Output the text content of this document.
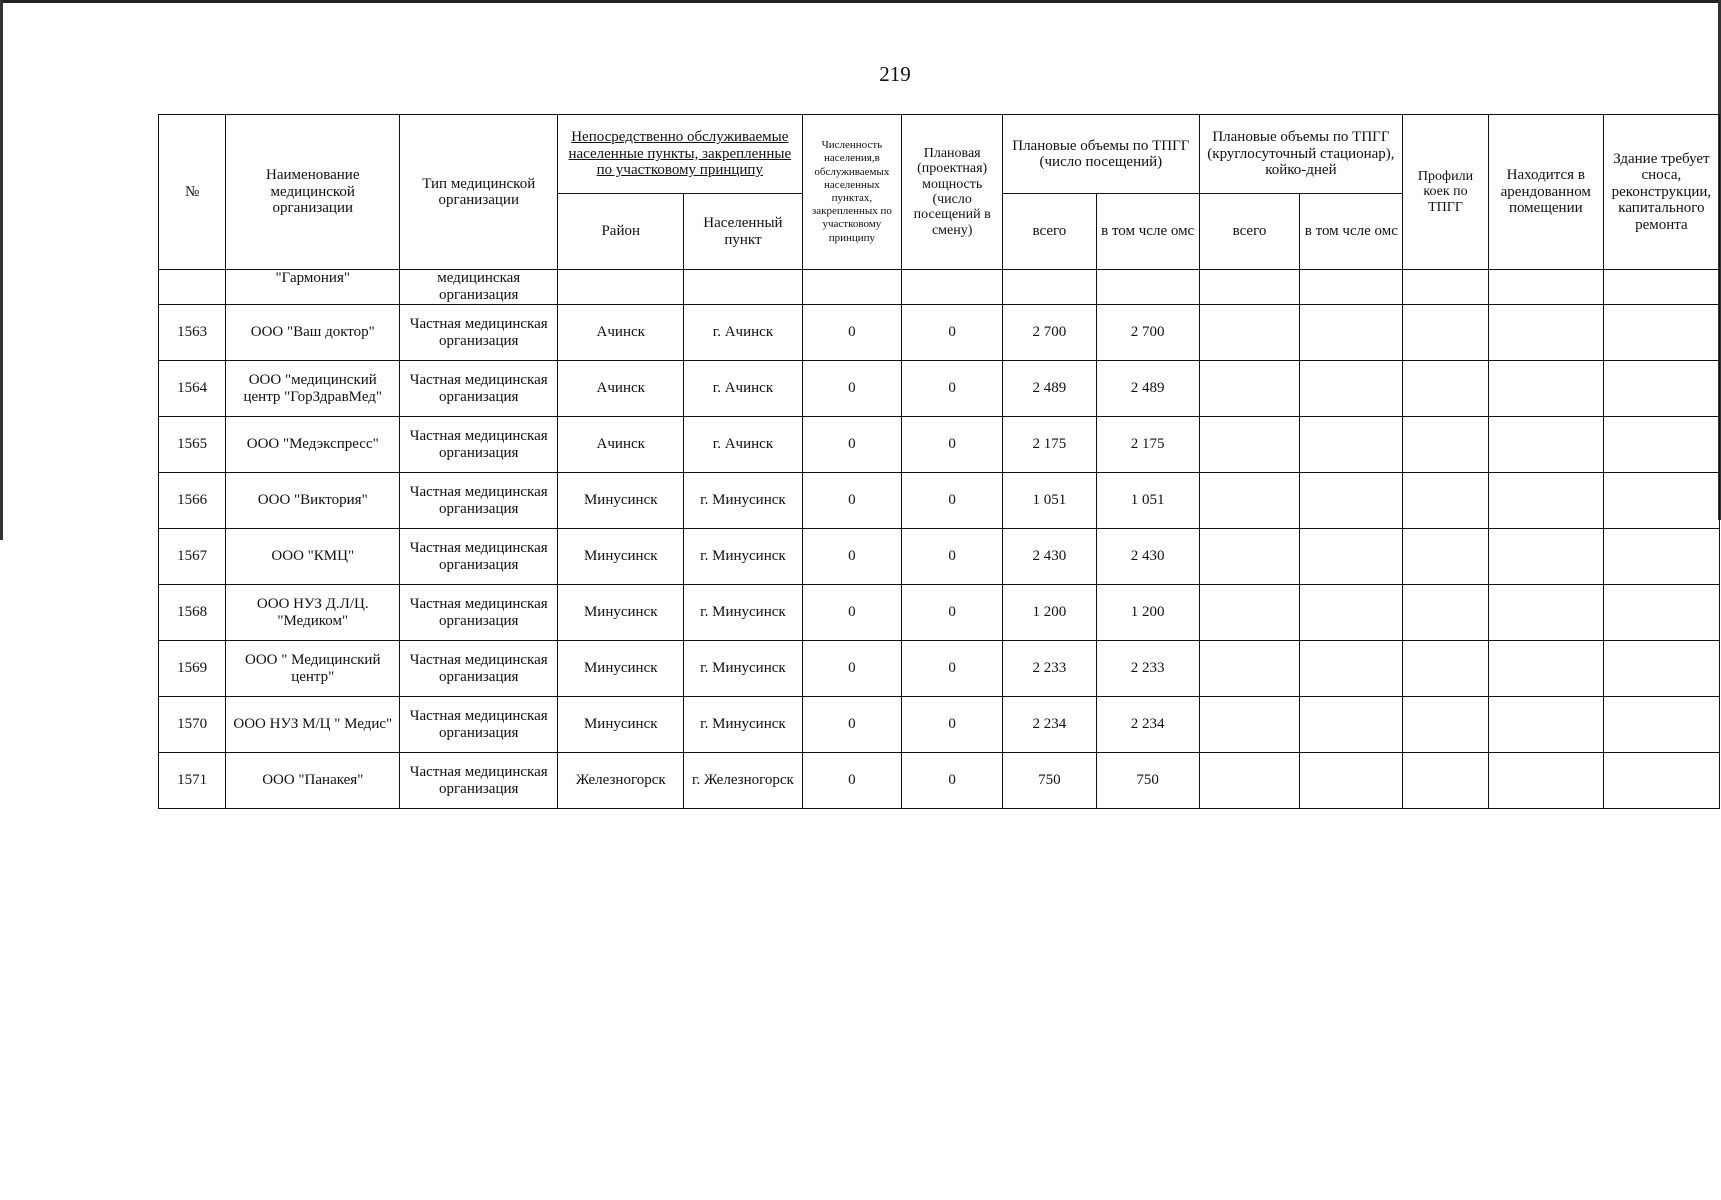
219
№	Наименование медицинской организации	Тип медицинской организации	Непосредственно обслуживаемые населенные пункты, закрепленные по участковому принципу		Численность населения,в обслуживаемых населенных пунктах, закрепленных по участковому принципу	Плановая (проектная) мощность (число посещений в смену)	Плановые объемы по ТПГГ (число посещений)		Плановые объемы по ТПГГ (круглосуточный стационар), койко-дней		Профили коек по ТПГГ	Находится в арендованном помещении	Здание требует сноса, реконструкции, капитального ремонта
			Район	Населенный пункт			всего	в том чсле омс	всего	в том чсле омс			
	"Гармония"	медицинская организация											
1563	ООО "Ваш доктор"	Частная медицинская организация	Ачинск	г. Ачинск	0	0	2 700	2 700					
1564	ООО "медицинский центр "ГорЗдравМед"	Частная медицинская организация	Ачинск	г. Ачинск	0	0	2 489	2 489					
1565	ООО "Медэкспресс"	Частная медицинская организация	Ачинск	г. Ачинск	0	0	2 175	2 175					
1566	ООО "Виктория"	Частная медицинская организация	Минусинск	г. Минусинск	0	0	1 051	1 051					
1567	ООО "КМЦ"	Частная медицинская организация	Минусинск	г. Минусинск	0	0	2 430	2 430					
1568	ООО НУЗ Д.Л/Ц. "Медиком"	Частная медицинская организация	Минусинск	г. Минусинск	0	0	1 200	1 200					
1569	ООО " Медицинский центр"	Частная медицинская организация	Минусинск	г. Минусинск	0	0	2 233	2 233					
1570	ООО НУЗ М/Ц " Медис"	Частная медицинская организация	Минусинск	г. Минусинск	0	0	2 234	2 234					
1571	ООО "Панакея"	Частная медицинская организация	Железногорск	г. Железногорск	0	0	750	750					
